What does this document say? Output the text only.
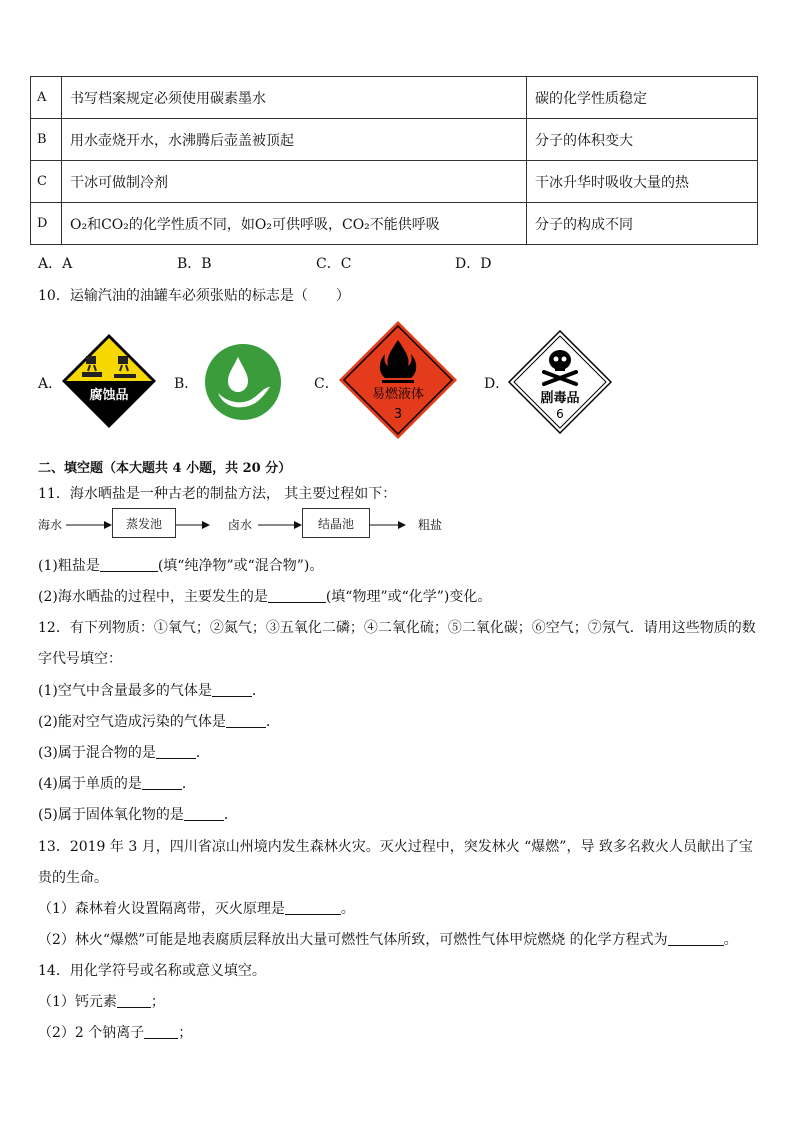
A	书写档案规定必须使用碳素墨水	碳的化学性质稳定
B	用水壶烧开水，水沸腾后壶盖被顶起	分子的体积变大
C	干冰可做制冷剂	干冰升华时吸收大量的热
D	O₂和CO₂的化学性质不同，如O₂可供呼吸，CO₂不能供呼吸	分子的构成不同
A．A	B．B	C．C	D．D
10．运输汽油的油罐车必须张贴的标志是（　　）
A．
腐蚀品
B．	C．
易燃液体
3
D．
剧毒品
6
二、填空题（本大题共 4 小题，共 20 分）
11．海水晒盐是一种古老的制盐方法， 其主要过程如下：
海水	蒸发池	卤水	结晶池	粗盐
(1)粗盐是	(填“纯净物”或“混合物”)。
(2)海水晒盐的过程中，主要发生的是	(填“物理”或“化学”)变化。
12．有下列物质：①氧气；②氮气；③五氧化二磷；④二氧化硫；⑤二氧化碳；⑥空气；⑦氖气．请用这些物质的数
字代号填空：
(1)空气中含量最多的气体是	．
(2)能对空气造成污染的气体是	．
(3)属于混合物的是	．
(4)属于单质的是	．
(5)属于固体氧化物的是	．
13．2019 年 3 月，四川省凉山州境内发生森林火灾。灭火过程中，突发林火 “爆燃”，导 致多名救火人员献出了宝
贵的生命。
（1）森林着火设置隔离带，灭火原理是	。
（2）林火“爆燃”可能是地表腐质层释放出大量可燃性气体所致，可燃性气体甲烷燃烧 的化学方程式为	。
14．用化学符号或名称或意义填空。
（1）钙元素 ；
（2）2 个钠离子 ；
